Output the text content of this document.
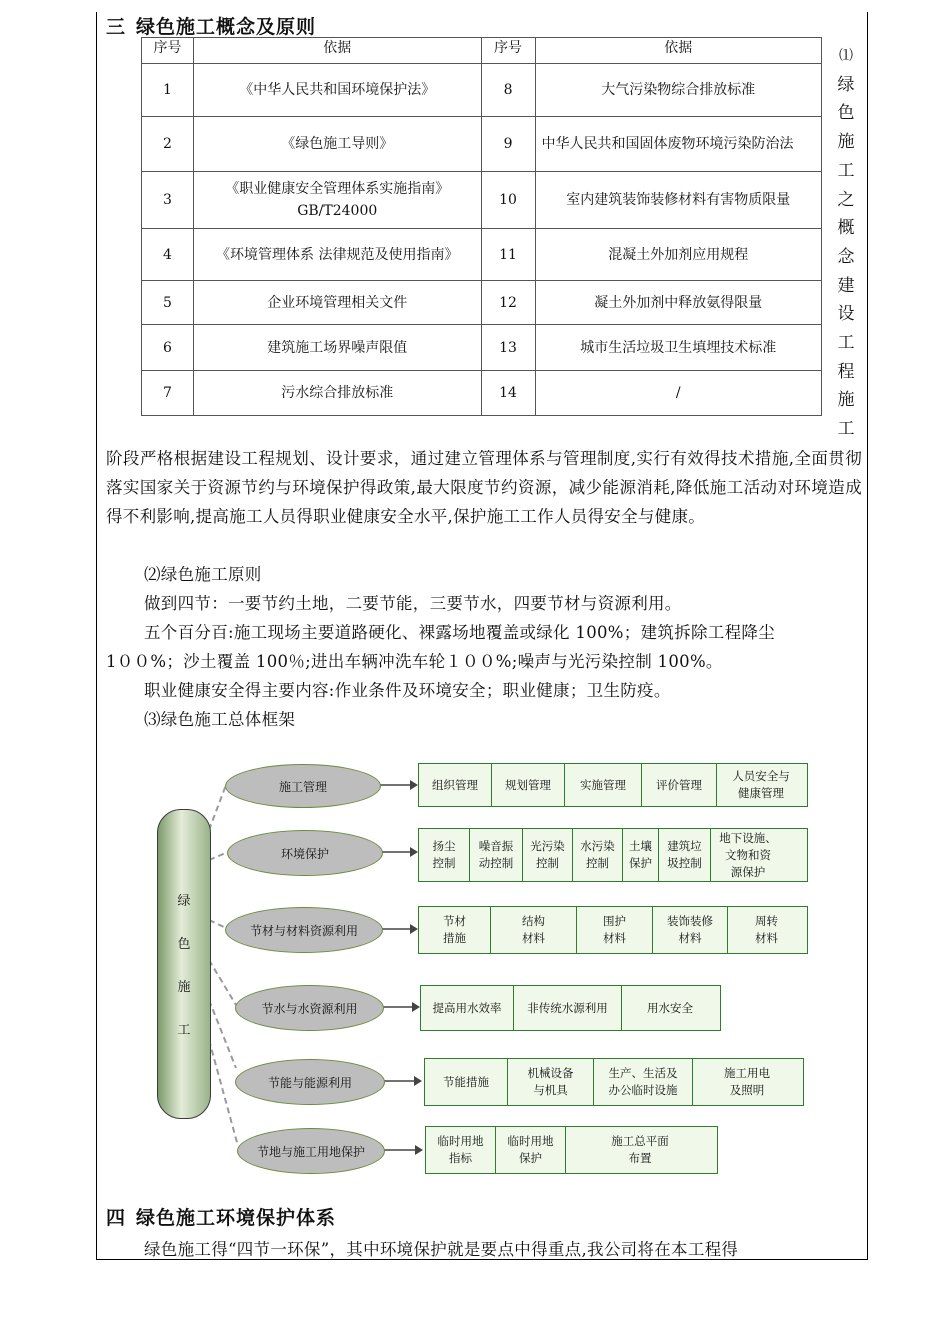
三 绿色施工概念及原则
序号	依据	序号	依据
1	《中华人民共和国环境保护法》	8	大气污染物综合排放标准
2	《绿色施工导则》	9	中华人民共和国固体废物环境污染防治法
3	《职业健康安全管理体系实施指南》GB/T24000	10	室内建筑装饰装修材料有害物质限量
4	《环境管理体系 法律规范及使用指南》	11	混凝土外加剂应用规程
5	企业环境管理相关文件	12	凝土外加剂中释放氨得限量
6	建筑施工场界噪声限值	13	城市生活垃圾卫生填埋技术标准
7	污水综合排放标准	14	/
⑴
绿
色
施
工
之
概
念
建
设
工
程
施
工
阶段严格根据建设工程规划、设计要求，通过建立管理体系与管理制度,实行有效得技术措施,全面贯彻落实国家关于资源节约与环境保护得政策,最大限度节约资源，减少能源消耗,降低施工活动对环境造成得不利影响,提高施工人员得职业健康安全水平,保护施工工作人员得安全与健康。
⑵绿色施工原则
做到四节：一要节约土地，二要节能，三要节水，四要节材与资源利用。
五个百分百:施工现场主要道路硬化、裸露场地覆盖或绿化 100%；建筑拆除工程降尘
1００%；沙土覆盖 100％;进出车辆冲洗车轮１００%;噪声与光污染控制 100%。
职业健康安全得主要内容:作业条件及环境安全；职业健康；卫生防疫。
⑶绿色施工总体框架
绿
色
施
工
施工管理	组织管理	规划管理	实施管理	评价管理
人员安全与
健康管理
环境保护
扬尘
控制
噪音振
动控制
光污染
控制
水污染
控制
土壤
保护
建筑垃
圾控制
地下设施、
文物和资
源保护
节材与材料资源利用
节材
措施
结构
材料
围护
材料
装饰装修
材料
周转
材料
节水与水资源利用	提高用水效率	非传统水源利用	用水安全
节能与能源利用	节能措施
机械设备
与机具
生产、生活及
办公临时设施
施工用电
及照明
节地与施工用地保护
临时用地
指标
临时用地
保护
施工总平面
布置
四 绿色施工环境保护体系
绿色施工得“四节一环保”，其中环境保护就是要点中得重点,我公司将在本工程得
